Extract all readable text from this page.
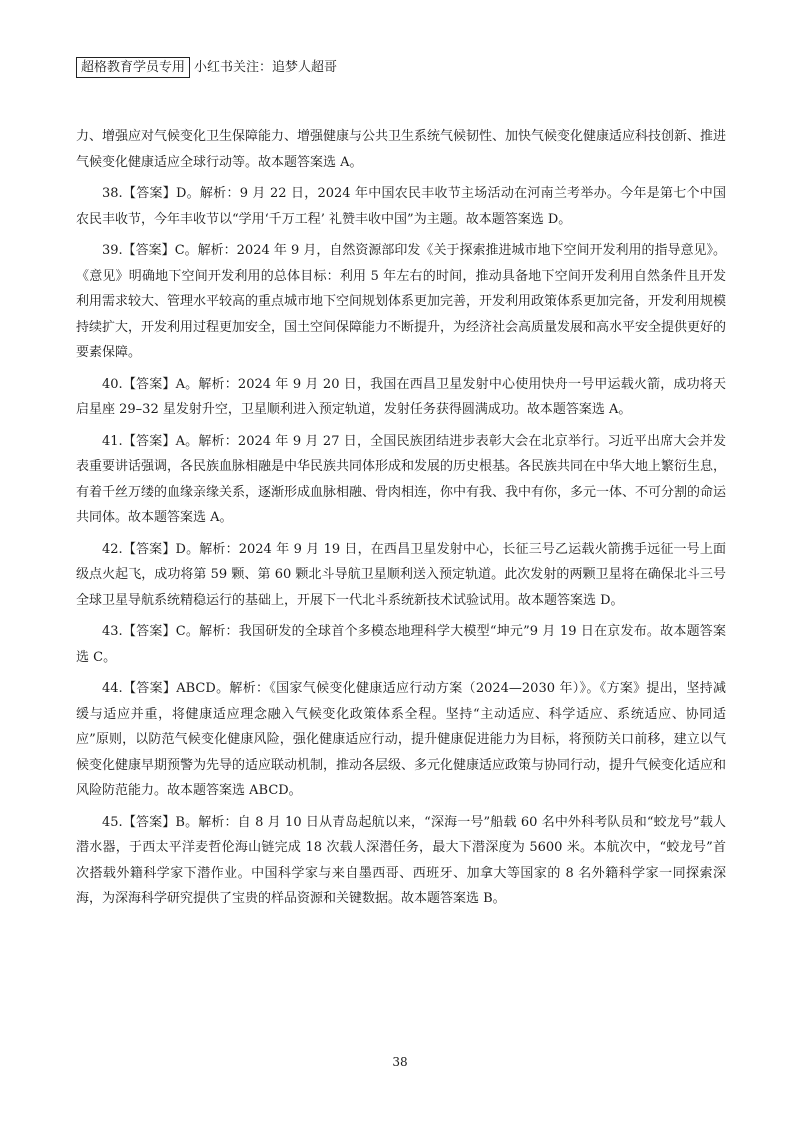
超格教育学员专用 小红书关注：追梦人超哥

力、增强应对气候变化卫生保障能力、增强健康与公共卫生系统气候韧性、加快气候变化健康适应科技创新、推进气候变化健康适应全球行动等。故本题答案选 A。

38.【答案】D。解析：9 月 22 日，2024 年中国农民丰收节主场活动在河南兰考举办。今年是第七个中国农民丰收节，今年丰收节以“学用‘千万工程’ 礼赞丰收中国”为主题。故本题答案选 D。

39.【答案】C。解析：2024 年 9 月，自然资源部印发《关于探索推进城市地下空间开发利用的指导意见》。《意见》明确地下空间开发利用的总体目标：利用 5 年左右的时间，推动具备地下空间开发利用自然条件且开发利用需求较大、管理水平较高的重点城市地下空间规划体系更加完善，开发利用政策体系更加完备，开发利用规模持续扩大，开发利用过程更加安全，国土空间保障能力不断提升，为经济社会高质量发展和高水平安全提供更好的要素保障。

40.【答案】A。解析：2024 年 9 月 20 日，我国在西昌卫星发射中心使用快舟一号甲运载火箭，成功将天启星座 29–32 星发射升空，卫星顺利进入预定轨道，发射任务获得圆满成功。故本题答案选 A。

41.【答案】A。解析：2024 年 9 月 27 日，全国民族团结进步表彰大会在北京举行。习近平出席大会并发表重要讲话强调，各民族血脉相融是中华民族共同体形成和发展的历史根基。各民族共同在中华大地上繁衍生息，有着千丝万缕的血缘亲缘关系，逐渐形成血脉相融、骨肉相连，你中有我、我中有你，多元一体、不可分割的命运共同体。故本题答案选 A。

42.【答案】D。解析：2024 年 9 月 19 日，在西昌卫星发射中心，长征三号乙运载火箭携手远征一号上面级点火起飞，成功将第 59 颗、第 60 颗北斗导航卫星顺利送入预定轨道。此次发射的两颗卫星将在确保北斗三号全球卫星导航系统精稳运行的基础上，开展下一代北斗系统新技术试验试用。故本题答案选 D。

43.【答案】C。解析：我国研发的全球首个多模态地理科学大模型“坤元”9 月 19 日在京发布。故本题答案选 C。

44.【答案】ABCD。解析：《国家气候变化健康适应行动方案（2024—2030 年）》。《方案》提出，坚持减缓与适应并重，将健康适应理念融入气候变化政策体系全程。坚持“主动适应、科学适应、系统适应、协同适应”原则，以防范气候变化健康风险，强化健康适应行动，提升健康促进能力为目标，将预防关口前移，建立以气候变化健康早期预警为先导的适应联动机制，推动各层级、多元化健康适应政策与协同行动，提升气候变化适应和风险防范能力。故本题答案选 ABCD。

45.【答案】B。解析：自 8 月 10 日从青岛起航以来，“深海一号”船载 60 名中外科考队员和“蛟龙号”载人潜水器，于西太平洋麦哲伦海山链完成 18 次载人深潜任务，最大下潜深度为 5600 米。本航次中，“蛟龙号”首次搭载外籍科学家下潜作业。中国科学家与来自墨西哥、西班牙、加拿大等国家的 8 名外籍科学家一同探索深海，为深海科学研究提供了宝贵的样品资源和关键数据。故本题答案选 B。

38
